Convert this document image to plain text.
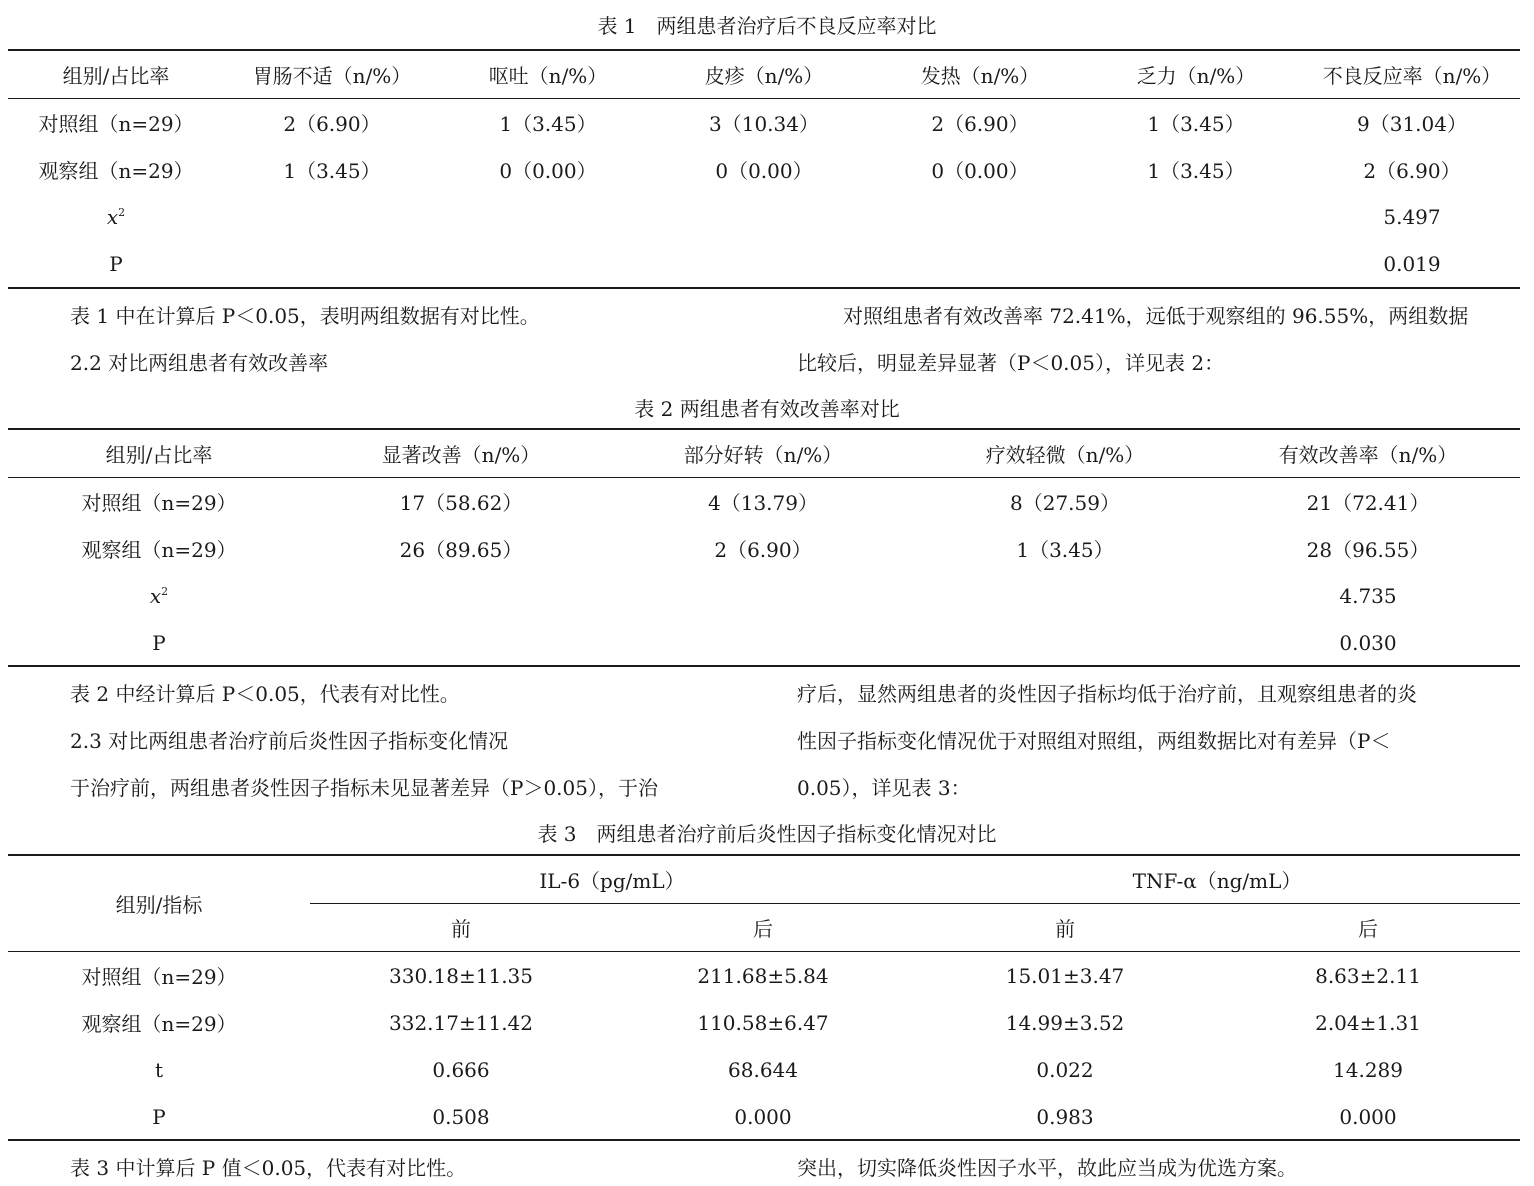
表 1　两组患者治疗后不良反应率对比
组别/占比率	胃肠不适（n/%）	呕吐（n/%）	皮疹（n/%）	发热（n/%）	乏力（n/%）	不良反应率（n/%）
对照组（n=29）	2（6.90）	1（3.45）	3（10.34）	2（6.90）	1（3.45）	9（31.04）
观察组（n=29）	1（3.45）	0（0.00）	0（0.00）	0（0.00）	1（3.45）	2（6.90）
$x^2$						5.497
P						0.019
表 1 中在计算后 P＜0.05，表明两组数据有对比性。
2.2 对比两组患者有效改善率
对照组患者有效改善率 72.41%，远低于观察组的 96.55%，两组数据
比较后，明显差异显著（P＜0.05），详见表 2：
表 2 两组患者有效改善率对比
组别/占比率	显著改善（n/%）	部分好转（n/%）	疗效轻微（n/%）	有效改善率（n/%）
对照组（n=29）	17（58.62）	4（13.79）	8（27.59）	21（72.41）
观察组（n=29）	26（89.65）	2（6.90）	1（3.45）	28（96.55）
$x^2$				4.735
P				0.030
表 2 中经计算后 P＜0.05，代表有对比性。
2.3 对比两组患者治疗前后炎性因子指标变化情况
于治疗前，两组患者炎性因子指标未见显著差异（P＞0.05），于治
疗后，显然两组患者的炎性因子指标均低于治疗前，且观察组患者的炎
性因子指标变化情况优于对照组对照组，两组数据比对有差异（P＜
0.05），详见表 3：
表 3　两组患者治疗前后炎性因子指标变化情况对比
组别/指标	IL-6（pg/mL）		TNF-α（ng/mL）	
	前	后	前	后
对照组（n=29）	330.18±11.35	211.68±5.84	15.01±3.47	8.63±2.11
观察组（n=29）	332.17±11.42	110.58±6.47	14.99±3.52	2.04±1.31
t	0.666	68.644	0.022	14.289
P	0.508	0.000	0.983	0.000
表 3 中计算后 P 值＜0.05，代表有对比性。	突出，切实降低炎性因子水平，故此应当成为优选方案。
